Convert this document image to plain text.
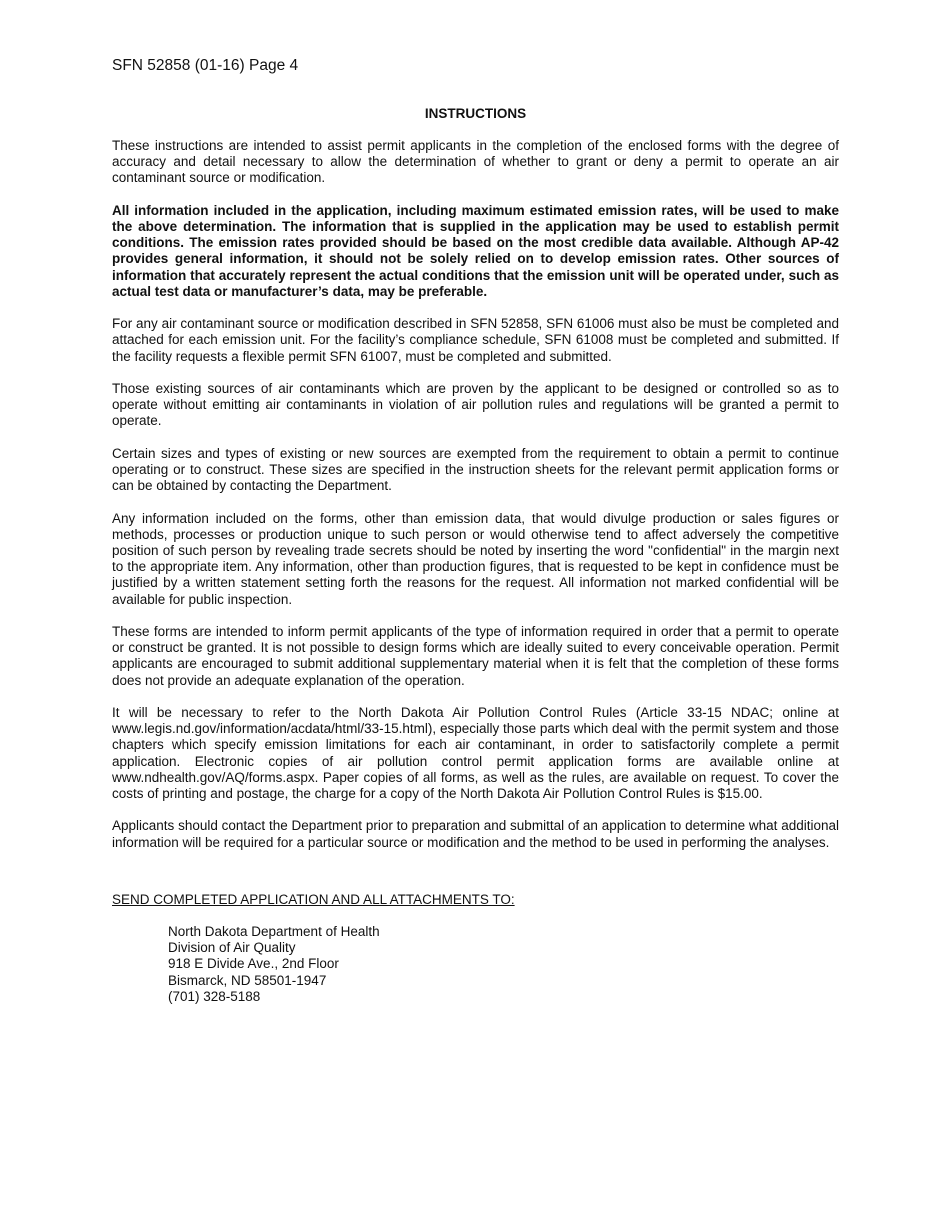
SFN 52858 (01-16) Page 4
INSTRUCTIONS

These instructions are intended to assist permit applicants in the completion of the enclosed forms with the degree of accuracy and detail necessary to allow the determination of whether to grant or deny a permit to operate an air contaminant source or modification.

All information included in the application, including maximum estimated emission rates, will be used to make the above determination. The information that is supplied in the application may be used to establish permit conditions. The emission rates provided should be based on the most credible data available. Although AP-42 provides general information, it should not be solely relied on to develop emission rates. Other sources of information that accurately represent the actual conditions that the emission unit will be operated under, such as actual test data or manufacturer’s data, may be preferable.

For any air contaminant source or modification described in SFN 52858, SFN 61006 must also be must be completed and attached for each emission unit. For the facility’s compliance schedule, SFN 61008 must be completed and submitted. If the facility requests a flexible permit SFN 61007, must be completed and submitted.

Those existing sources of air contaminants which are proven by the applicant to be designed or controlled so as to operate without emitting air contaminants in violation of air pollution rules and regulations will be granted a permit to operate.

Certain sizes and types of existing or new sources are exempted from the requirement to obtain a permit to continue operating or to construct. These sizes are specified in the instruction sheets for the relevant permit application forms or can be obtained by contacting the Department.

Any information included on the forms, other than emission data, that would divulge production or sales figures or methods, processes or production unique to such person or would otherwise tend to affect adversely the competitive position of such person by revealing trade secrets should be noted by inserting the word "confidential" in the margin next to the appropriate item. Any information, other than production figures, that is requested to be kept in confidence must be justified by a written statement setting forth the reasons for the request. All information not marked confidential will be available for public inspection.

These forms are intended to inform permit applicants of the type of information required in order that a permit to operate or construct be granted. It is not possible to design forms which are ideally suited to every conceivable operation. Permit applicants are encouraged to submit additional supplementary material when it is felt that the completion of these forms does not provide an adequate explanation of the operation.

It will be necessary to refer to the North Dakota Air Pollution Control Rules (Article 33-15 NDAC; online at www.legis.nd.gov/information/acdata/html/33-15.html), especially those parts which deal with the permit system and those chapters which specify emission limitations for each air contaminant, in order to satisfactorily complete a permit application. Electronic copies of air pollution control permit application forms are available online at www.ndhealth.gov/AQ/forms.aspx. Paper copies of all forms, as well as the rules, are available on request. To cover the costs of printing and postage, the charge for a copy of the North Dakota Air Pollution Control Rules is $15.00.

Applicants should contact the Department prior to preparation and submittal of an application to determine what additional information will be required for a particular source or modification and the method to be used in performing the analyses.

SEND COMPLETED APPLICATION AND ALL ATTACHMENTS TO:
North Dakota Department of Health
Division of Air Quality
918 E Divide Ave., 2nd Floor
Bismarck, ND 58501-1947
(701) 328-5188
